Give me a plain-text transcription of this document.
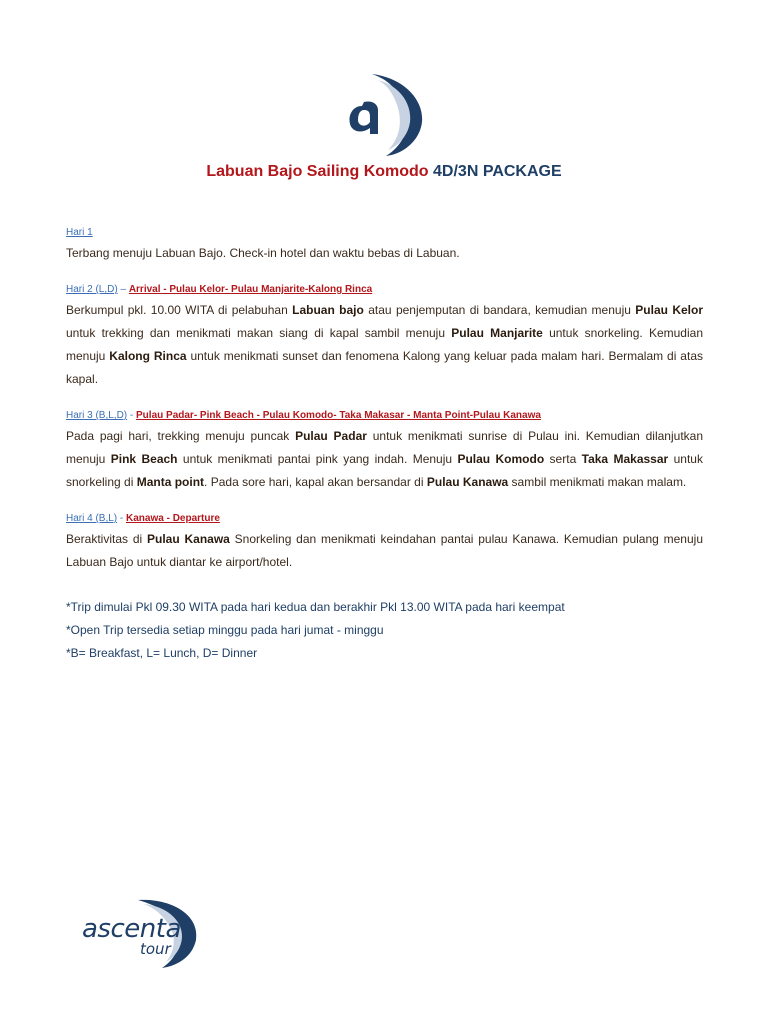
Labuan Bajo Sailing Komodo 4D/3N PACKAGE
Hari 1
Terbang menuju Labuan Bajo. Check-in hotel dan waktu bebas di Labuan.
Hari 2 (L,D) – Arrival - Pulau Kelor- Pulau Manjarite-Kalong Rinca
Berkumpul pkl. 10.00 WITA di pelabuhan Labuan bajo atau penjemputan di bandara, kemudian menuju Pulau Kelor untuk trekking dan menikmati makan siang di kapal sambil menuju Pulau Manjarite untuk snorkeling. Kemudian menuju Kalong Rinca untuk menikmati sunset dan fenomena Kalong yang keluar pada malam hari. Bermalam di atas kapal.
Hari 3 (B,L,D) - Pulau Padar- Pink Beach - Pulau Komodo- Taka Makasar - Manta Point-Pulau Kanawa
Pada pagi hari, trekking menuju puncak Pulau Padar untuk menikmati sunrise di Pulau ini. Kemudian dilanjutkan menuju Pink Beach untuk menikmati pantai pink yang indah. Menuju Pulau Komodo serta Taka Makassar untuk snorkeling di Manta point. Pada sore hari, kapal akan bersandar di Pulau Kanawa sambil menikmati makan malam.
Hari 4 (B,L) - Kanawa - Departure
Beraktivitas di Pulau Kanawa Snorkeling dan menikmati keindahan pantai pulau Kanawa. Kemudian pulang menuju Labuan Bajo untuk diantar ke airport/hotel.
*Trip dimulai Pkl 09.30 WITA pada hari kedua dan berakhir Pkl 13.00 WITA pada hari keempat
*Open Trip tersedia setiap minggu pada hari jumat - minggu
*B= Breakfast, L= Lunch, D= Dinner
ascenta
tour
